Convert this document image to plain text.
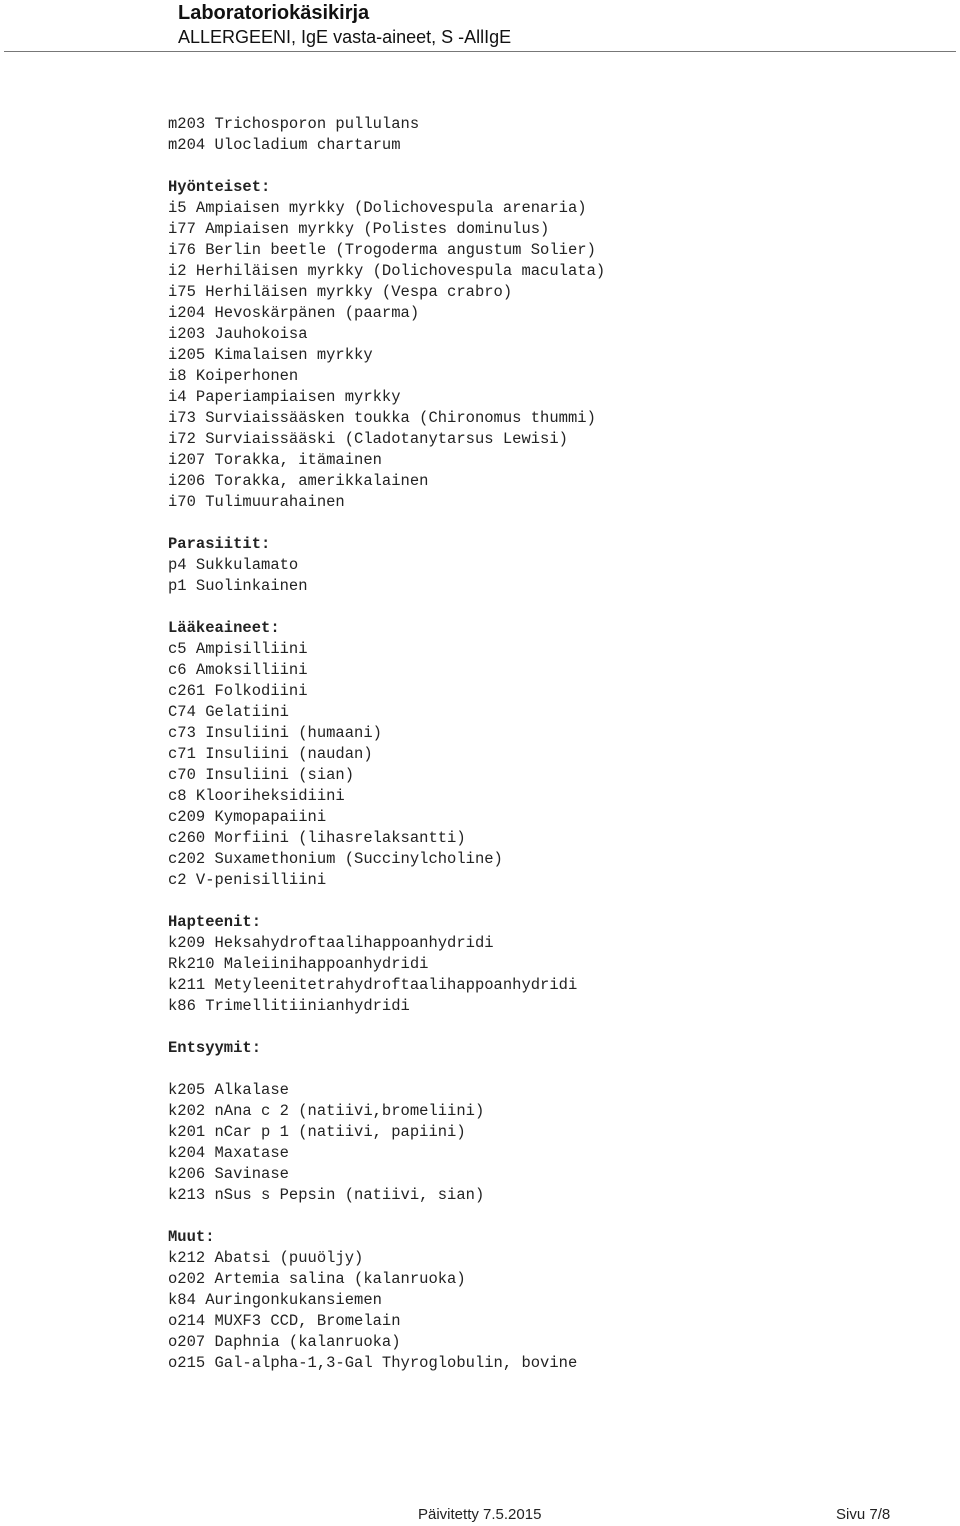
Laboratoriokäsikirja
ALLERGEENI, IgE vasta-aineet, S -AllIgE
m203 Trichosporon pullulans
m204 Ulocladium chartarum
Hyönteiset:
i5 Ampiaisen myrkky (Dolichovespula arenaria)
i77 Ampiaisen myrkky (Polistes dominulus)
i76 Berlin beetle (Trogoderma angustum Solier)
i2 Herhiläisen myrkky (Dolichovespula maculata)
i75 Herhiläisen myrkky (Vespa crabro)
i204 Hevoskärpänen (paarma)
i203 Jauhokoisa
i205 Kimalaisen myrkky
i8 Koiperhonen
i4 Paperiampiaisen myrkky
i73 Surviaissääsken toukka (Chironomus thummi)
i72 Surviaissääski (Cladotanytarsus Lewisi)
i207 Torakka, itämainen
i206 Torakka, amerikkalainen
i70 Tulimuurahainen
Parasiitit:
p4 Sukkulamato
p1 Suolinkainen
Lääkeaineet:
c5 Ampisilliini
c6 Amoksilliini
c261 Folkodiini
C74 Gelatiini
c73 Insuliini (humaani)
c71 Insuliini (naudan)
c70 Insuliini (sian)
c8 Klooriheksidiini
c209 Kymopapaiini
c260 Morfiini (lihasrelaksantti)
c202 Suxamethonium (Succinylcholine)
c2 V-penisilliini
Hapteenit:
k209 Heksahydroftaalihappoanhydridi
Rk210 Maleiinihappoanhydridi
k211 Metyleenitetrahydroftaalihappoanhydridi
k86 Trimellitiinianhydridi
Entsyymit:
k205 Alkalase
k202 nAna c 2 (natiivi,bromeliini)
k201 nCar p 1 (natiivi, papiini)
k204 Maxatase
k206 Savinase
k213 nSus s Pepsin (natiivi, sian)
Muut:
k212 Abatsi (puuöljy)
o202 Artemia salina (kalanruoka)
k84 Auringonkukansiemen
o214 MUXF3 CCD, Bromelain
o207 Daphnia (kalanruoka)
o215 Gal-alpha-1,3-Gal Thyroglobulin, bovine
Päivitetty 7.5.2015	Sivu 7/8
